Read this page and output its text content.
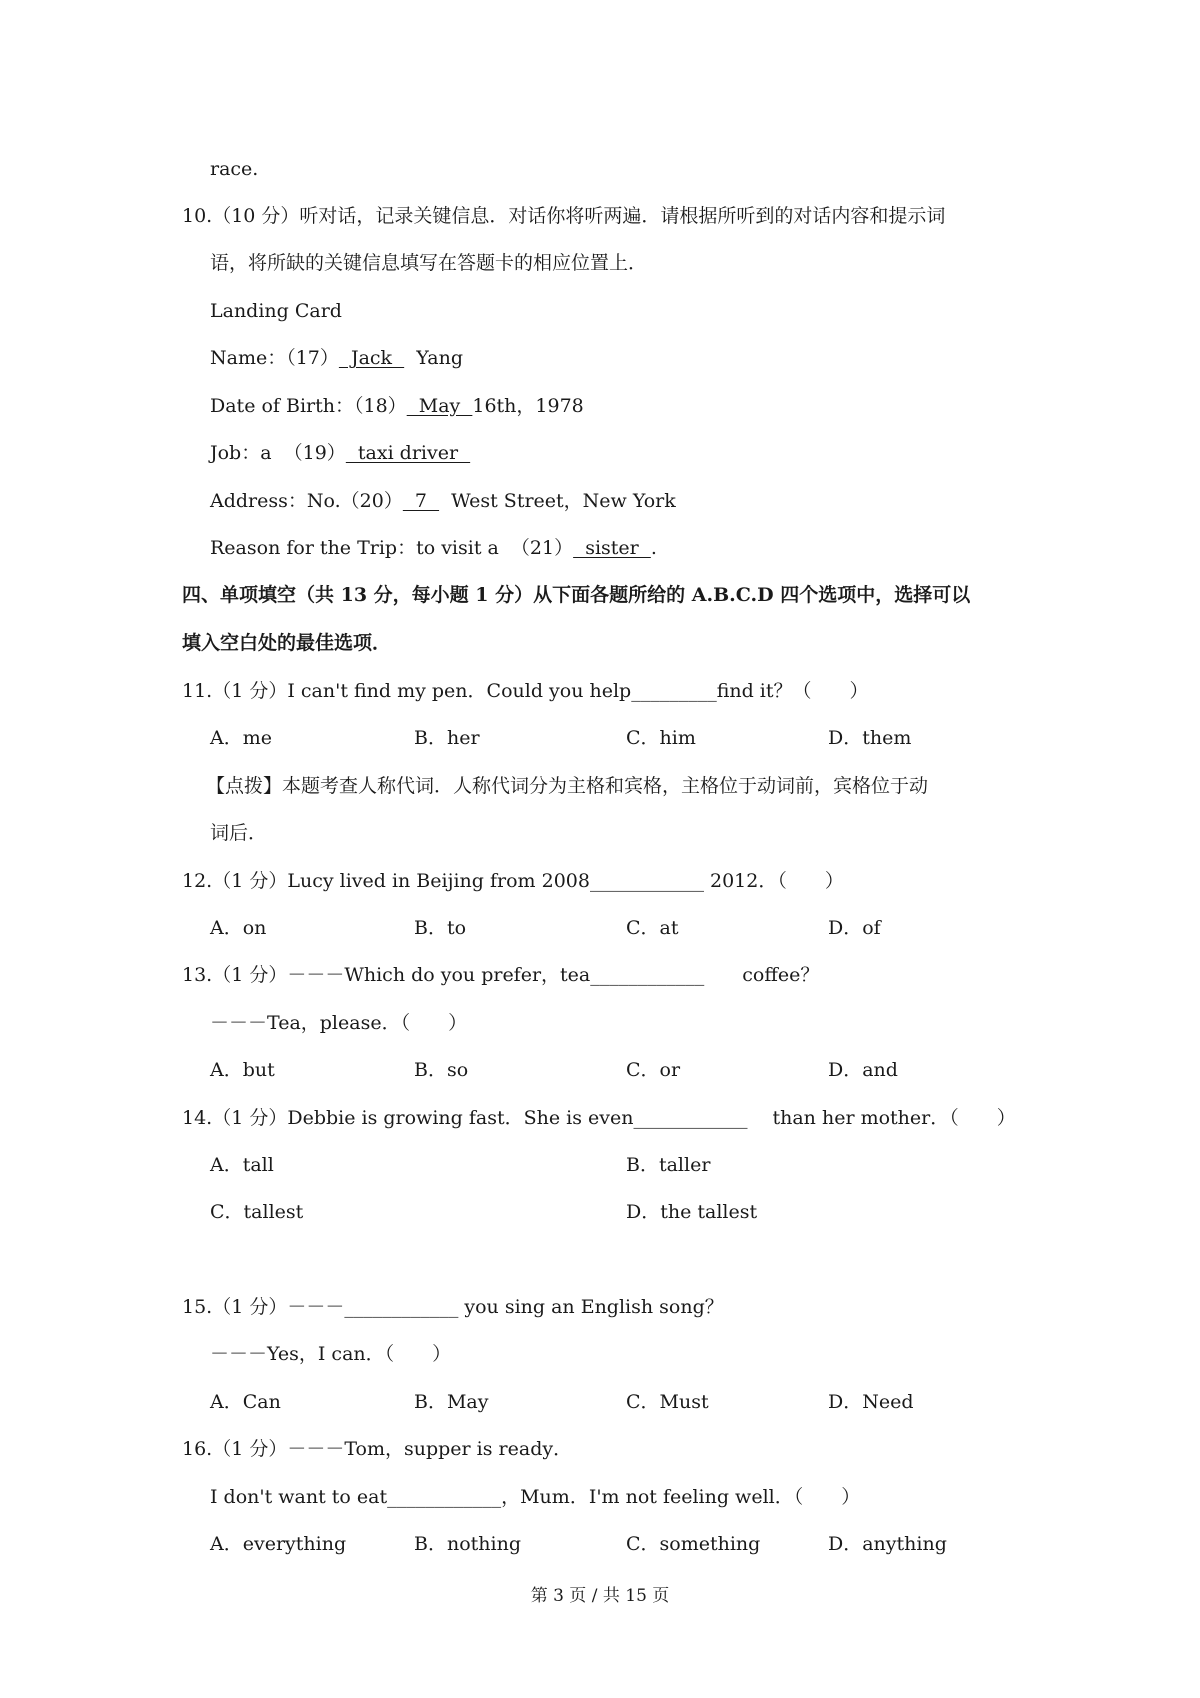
race.
10.（10 分）听对话，记录关键信息．对话你将听两遍．请根据所听到的对话内容和提示词
语，将所缺的关键信息填写在答题卡的相应位置上．
Landing Card
Name：（17）  Jack    Yang
Date of Birth：（18）  May  16th，1978
Job：a  （19）  taxi driver
Address：No.（20）  7    West Street，New York
Reason for the Trip：to visit a  （21）  sister  .
四、单项填空（共 13 分，每小题 1 分）从下面各题所给的 A.B.C.D 四个选项中，选择可以
填入空白处的最佳选项．
11.（1 分）I can't find my pen．Could you help_________find it？（　　）
A．me	B．her	C．him	D．them
【点拨】本题考查人称代词．人称代词分为主格和宾格，主格位于动词前，宾格位于动
词后．
12.（1 分）Lucy lived in Beijing from 2008____________ 2012．（　　）
A．on	B．to	C．at	D．of
13.（1 分）－－－Which do you prefer，tea____________　　coffee？
－－－Tea，please．（　　）
A．but	B．so	C．or	D．and
14.（1 分）Debbie is growing fast．She is even____________　 than her mother．（　　）
A．tall	B．taller
C．tallest	D．the tallest
15.（1 分）－－－____________ you sing an English song？
－－－Yes，I can．（　　）
A．Can	B．May	C．Must	D．Need
16.（1 分）－－－Tom，supper is ready．
I don't want to eat____________，Mum．I'm not feeling well．（　　）
A．everything	B．nothing	C．something	D．anything
第 3 页 / 共 15 页
